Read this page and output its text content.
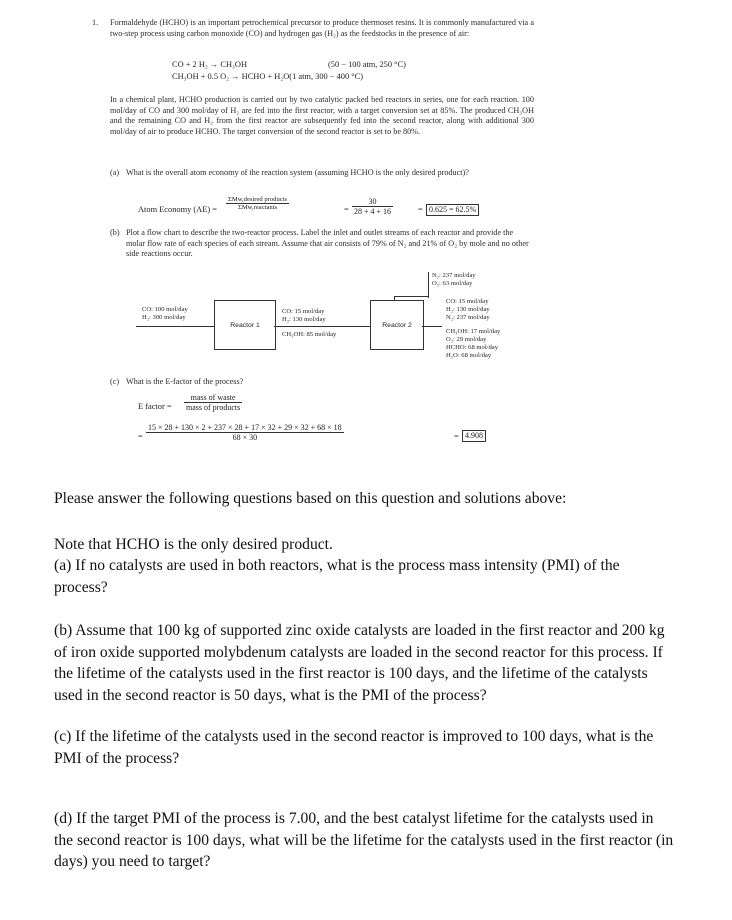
1. Formaldehyde (HCHO) is an important petrochemical precursor to produce thermoset resins. It is commonly manufactured via a two-step process using carbon monoxide (CO) and hydrogen gas (H₂) as the feedstocks in the presence of air:
CO + 2 H₂ → CH₃OH	(50 − 100 atm, 250 °C)
CH₃OH + 0.5 O₂ → HCHO + H₂O(1 atm, 300 − 400 °C)
In a chemical plant, HCHO production is carried out by two catalytic packed bed reactors in series, one for each reaction. 100 mol/day of CO and 300 mol/day of H₂ are fed into the first reactor, with a target conversion set at 85%. The produced CH₃OH and the remaining CO and H₂ from the first reactor are subsequently fed into the second reactor, along with additional 300 mol/day of air to produce HCHO. The target conversion of the second reactor is set to be 80%.
(a) What is the overall atom economy of the reaction system (assuming HCHO is the only desired product)?
Atom Economy (AE) =
ΣMw,desired products
ΣMw,reactants	= $\frac{30}{28 + 4 + 16}$	= 0.625 = 62.5%
(b) Plot a flow chart to describe the two-reactor process. Label the inlet and outlet streams of each reactor and provide the molar flow rate of each species of each stream. Assume that air consists of 79% of N₂ and 21% of O₂ by mole and no other side reactions occur.
N₂: 237 mol/day
O₂: 63 mol/day
CO: 100 mol/day
H₂: 300 mol/day
Reactor 1
CO: 15 mol/day
H₂: 130 mol/day
CH₃OH: 85 mol/day
Reactor 2
CO: 15 mol/day
H₂: 130 mol/day
N₂: 237 mol/day
CH₃OH: 17 mol/day
O₂: 29 mol/day
HCHO: 68 mol/day
H₂O: 68 mol/day
(c) What is the E-factor of the process?
E factor =
mass of waste
mass of products
= $\frac{15 \times 28 + 130 \times 2 + 237 \times 28 + 17 \times 32 + 29 \times 32 + 68 \times 18}{68 \times 30}$	= 4.908
Please answer the following questions based on this question and solutions above:
Note that HCHO is the only desired product.
(a) If no catalysts are used in both reactors, what is the process mass intensity (PMI) of the process?
(b) Assume that 100 kg of supported zinc oxide catalysts are loaded in the first reactor and 200 kg of iron oxide supported molybdenum catalysts are loaded in the second reactor for this process. If the lifetime of the catalysts used in the first reactor is 100 days, and the lifetime of the catalysts used in the second reactor is 50 days, what is the PMI of the process?
(c) If the lifetime of the catalysts used in the second reactor is improved to 100 days, what is the PMI of the process?
(d) If the target PMI of the process is 7.00, and the best catalyst lifetime for the catalysts used in the second reactor is 100 days, what will be the lifetime for the catalysts used in the first reactor (in days) you need to target?
